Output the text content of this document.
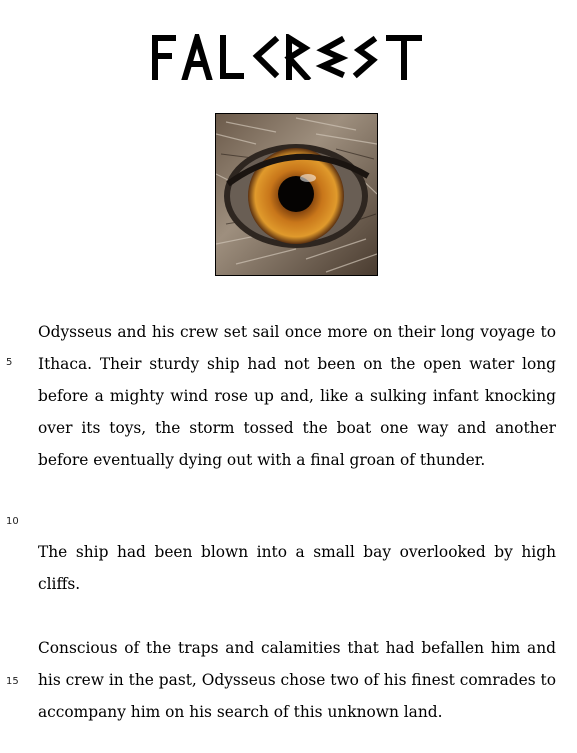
Odysseus and his crew set sail once more on their long voyage to Ithaca. Their sturdy ship had not been on the open water long before a mighty wind rose up and, like a sulking infant knocking over its toys, the storm tossed the boat one way and another before eventually dying out with a final groan of thunder.

The ship had been blown into a small bay overlooked by high cliffs.

Conscious of the traps and calamities that had befallen him and his crew in the past, Odysseus chose two of his finest comrades to accompany him on his search of this unknown land.

5
10
15
